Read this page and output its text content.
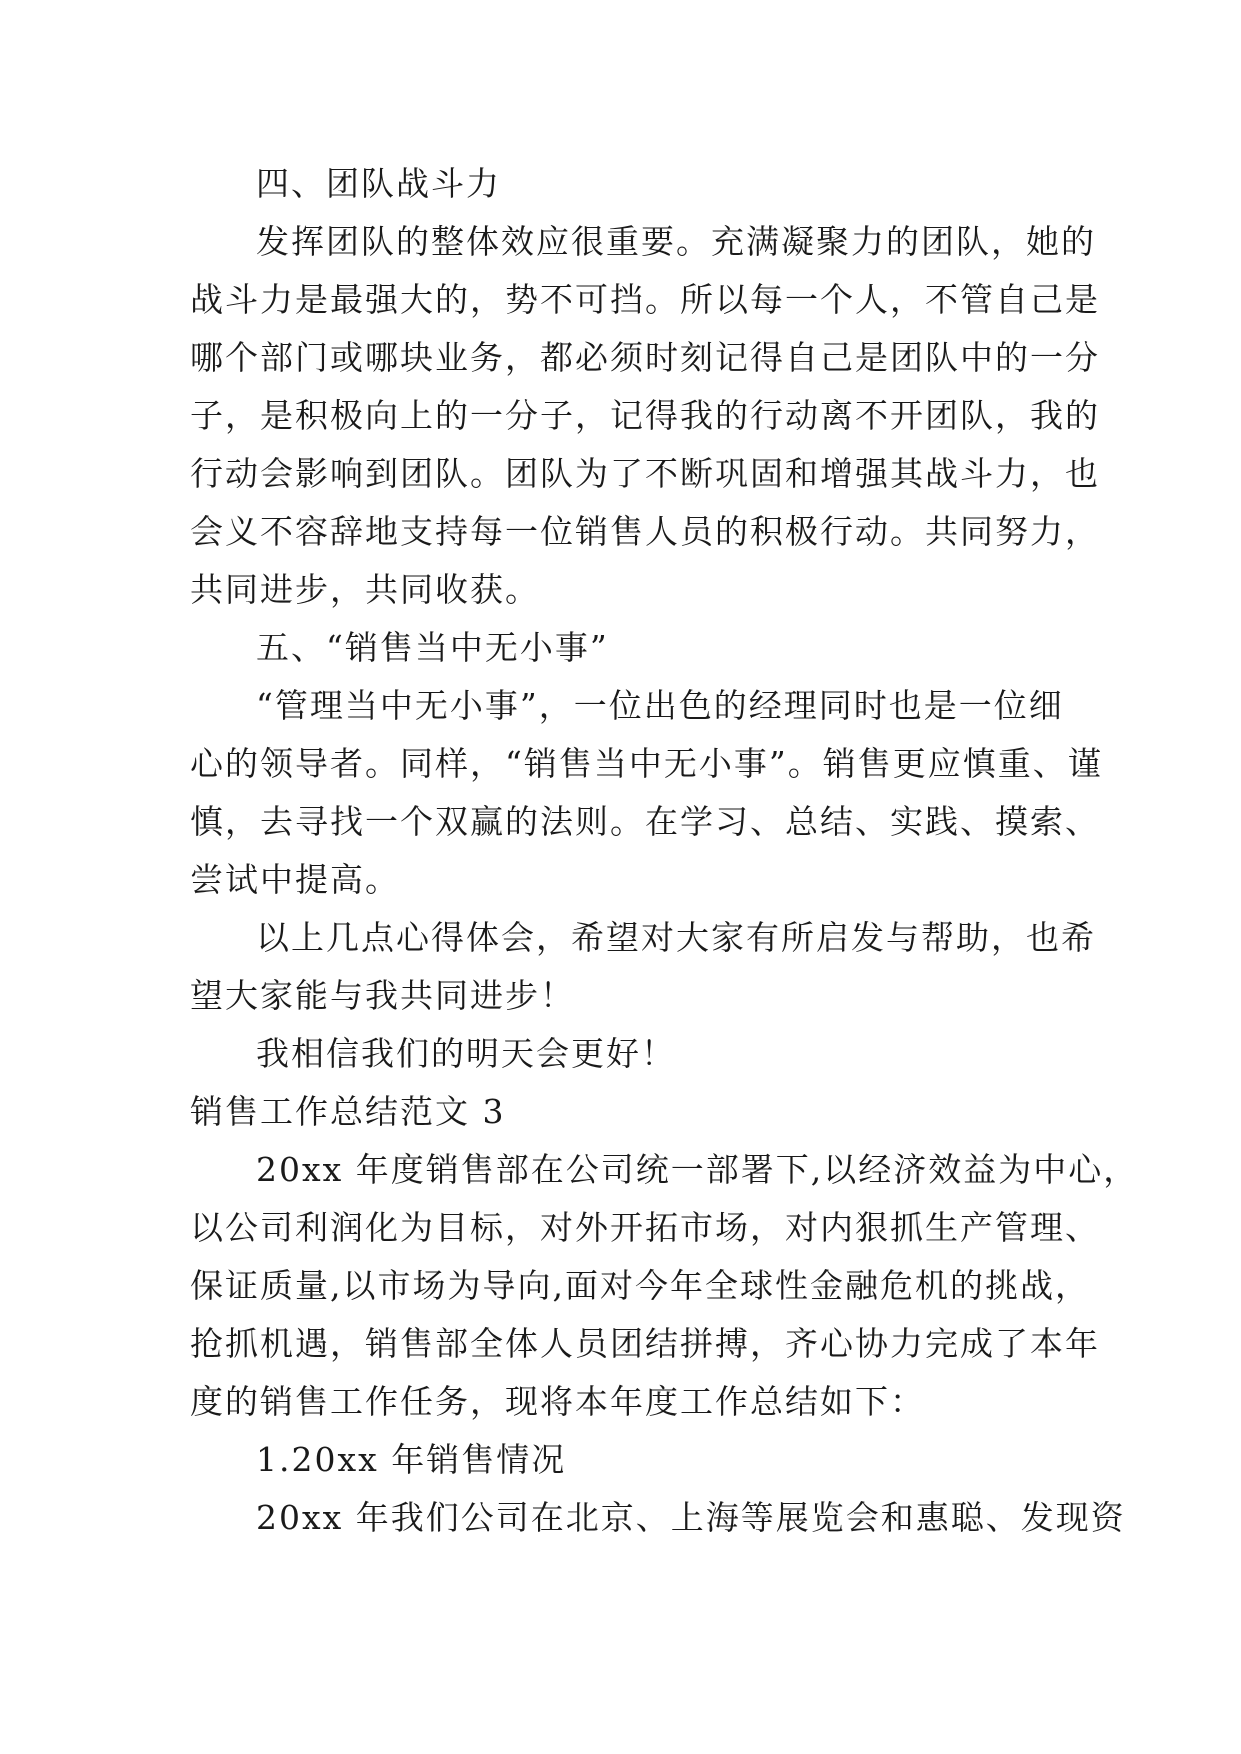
四、团队战斗力
发挥团队的整体效应很重要。充满凝聚力的团队，她的
战斗力是最强大的，势不可挡。所以每一个人，不管自己是
哪个部门或哪块业务，都必须时刻记得自己是团队中的一分
子，是积极向上的一分子，记得我的行动离不开团队，我的
行动会影响到团队。团队为了不断巩固和增强其战斗力，也
会义不容辞地支持每一位销售人员的积极行动。共同努力，
共同进步，共同收获。
五、“销售当中无小事”
“管理当中无小事”，一位出色的经理同时也是一位细
心的领导者。同样，“销售当中无小事”。销售更应慎重、谨
慎，去寻找一个双赢的法则。在学习、总结、实践、摸索、
尝试中提高。
以上几点心得体会，希望对大家有所启发与帮助，也希
望大家能与我共同进步！
我相信我们的明天会更好！
销售工作总结范文 3
20xx 年度销售部在公司统一部署下,以经济效益为中心，
以公司利润化为目标，对外开拓市场，对内狠抓生产管理、
保证质量,以市场为导向,面对今年全球性金融危机的挑战，
抢抓机遇，销售部全体人员团结拼搏，齐心协力完成了本年
度的销售工作任务，现将本年度工作总结如下：
1.20xx 年销售情况
20xx 年我们公司在北京、上海等展览会和惠聪、发现资
